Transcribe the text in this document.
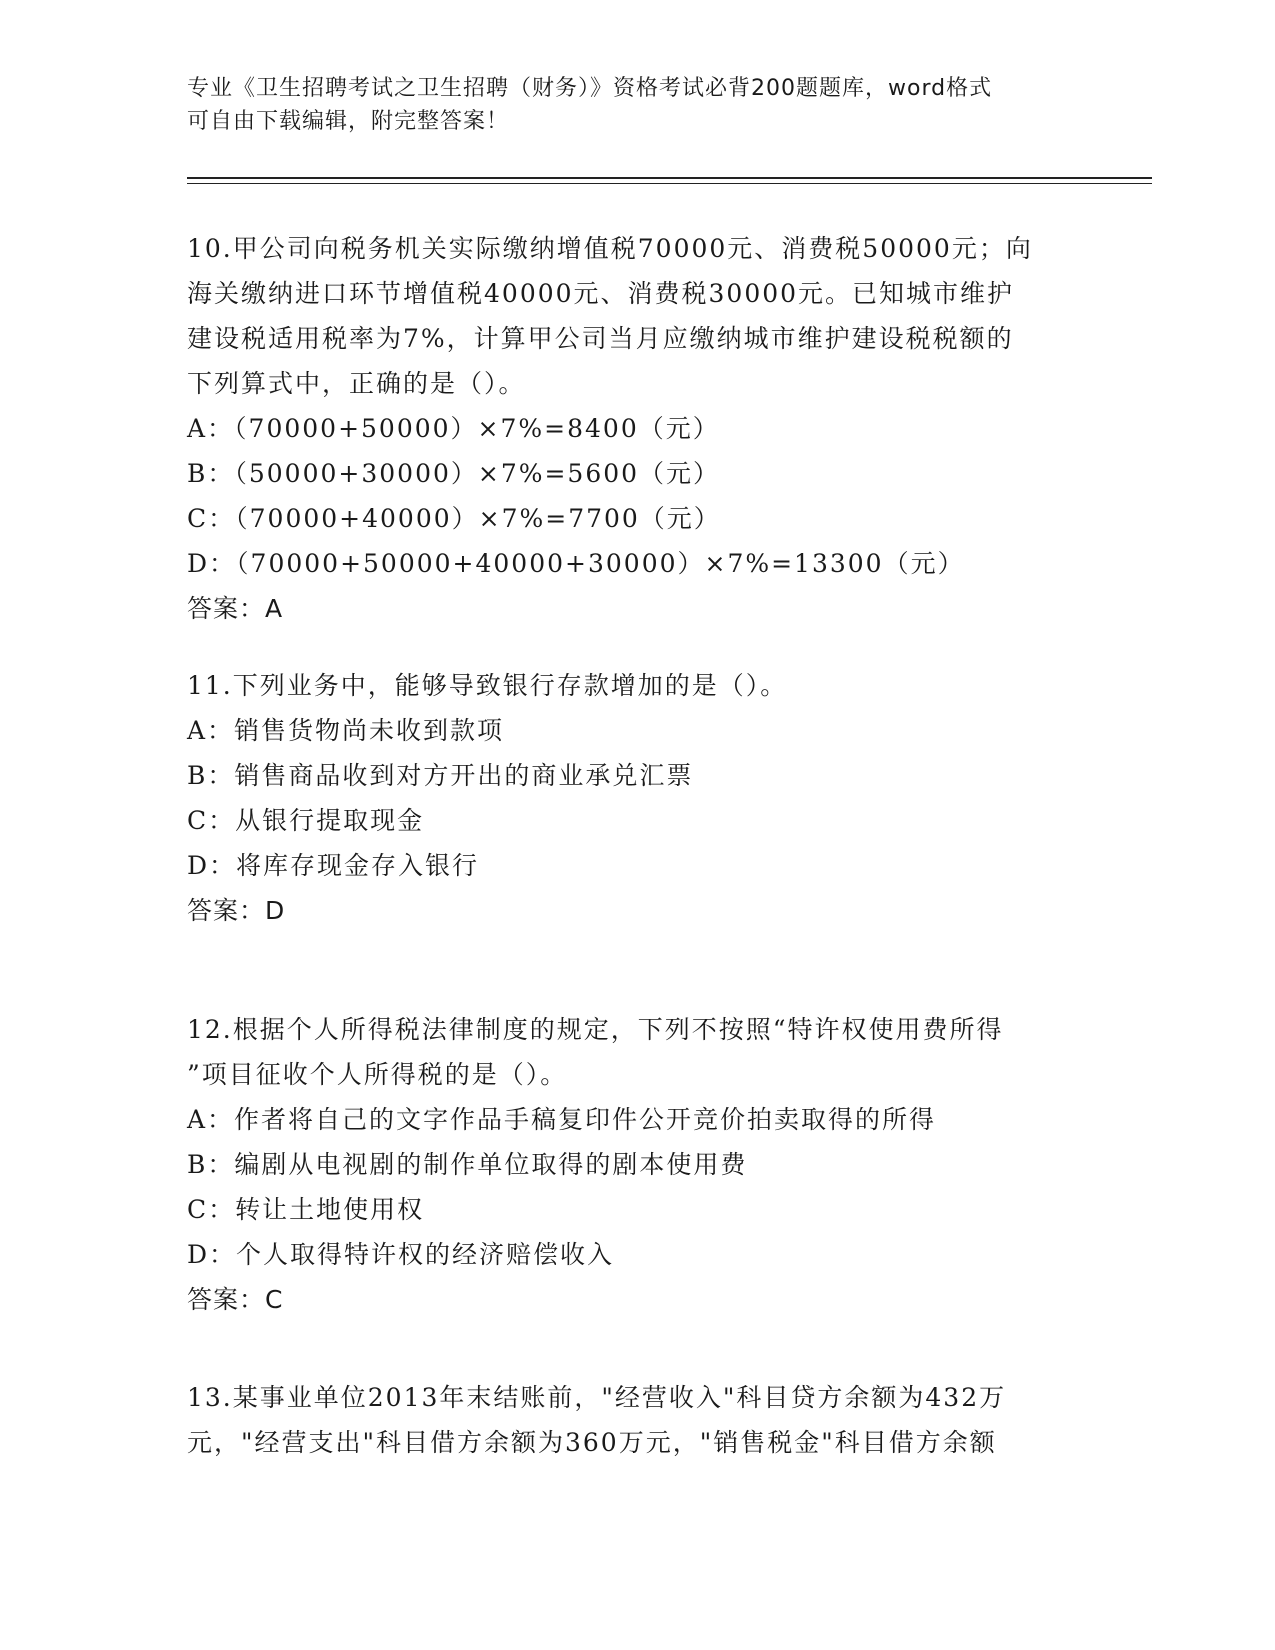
专业《卫生招聘考试之卫生招聘（财务）》资格考试必背200题题库，word格式
可自由下载编辑，附完整答案！
10.甲公司向税务机关实际缴纳增值税70000元、消费税50000元；向
海关缴纳进口环节增值税40000元、消费税30000元。已知城市维护
建设税适用税率为7%，计算甲公司当月应缴纳城市维护建设税税额的
下列算式中，正确的是（）。
A：（70000+50000）×7%=8400（元）
B：（50000+30000）×7%=5600（元）
C：（70000+40000）×7%=7700（元）
D：（70000+50000+40000+30000）×7%=13300（元）
答案：A
11.下列业务中，能够导致银行存款增加的是（）。
A：销售货物尚未收到款项
B：销售商品收到对方开出的商业承兑汇票
C：从银行提取现金
D：将库存现金存入银行
答案：D
12.根据个人所得税法律制度的规定，下列不按照“特许权使用费所得
”项目征收个人所得税的是（）。
A：作者将自己的文字作品手稿复印件公开竞价拍卖取得的所得
B：编剧从电视剧的制作单位取得的剧本使用费
C：转让土地使用权
D：个人取得特许权的经济赔偿收入
答案：C
13.某事业单位2013年末结账前，"经营收入"科目贷方余额为432万
元，"经营支出"科目借方余额为360万元，"销售税金"科目借方余额
